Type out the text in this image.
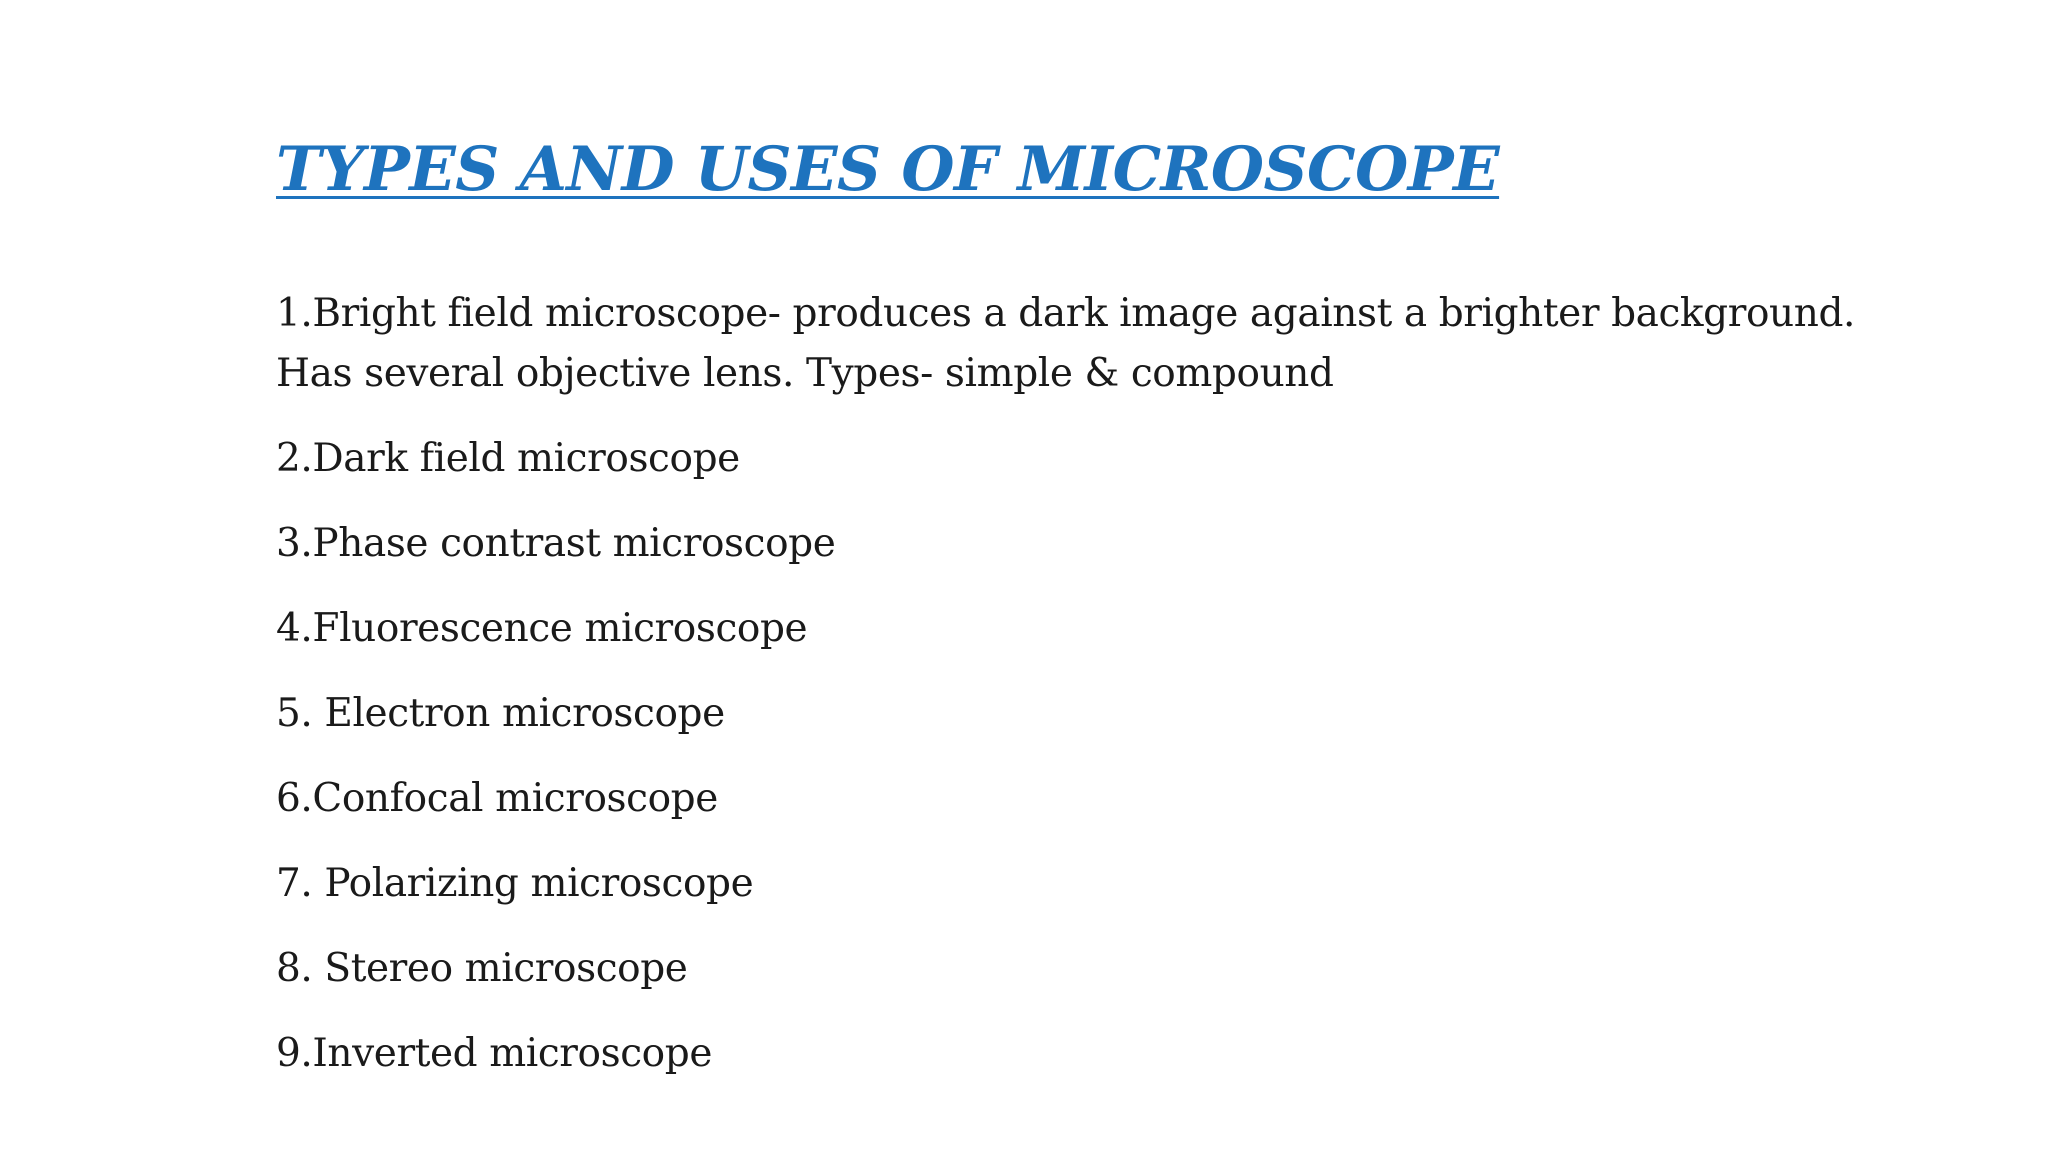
TYPES AND USES OF MICROSCOPE
1.Bright field microscope- produces a dark image against a brighter background. Has several objective lens. Types- simple & compound
2.Dark field microscope
3.Phase contrast microscope
4.Fluorescence microscope
5. Electron microscope
6.Confocal microscope
7. Polarizing microscope
8. Stereo microscope
9.Inverted microscope
